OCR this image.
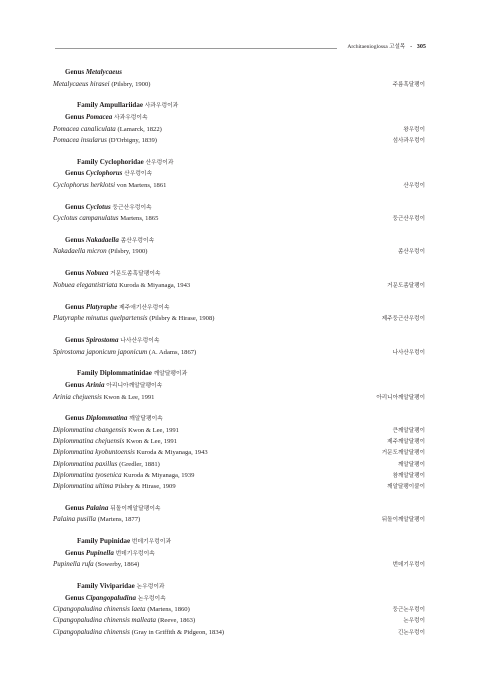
Architaenioglossa 고설목 • 305
Genus Metalycaeus
Metalycaeus hirasei (Pilsbry, 1900)	주름혹달팽이
Family Ampullariidae 사과우렁이과
Genus Pomacea 사과우렁이속
Pomacea canaliculata (Lamarck, 1822)	왕우렁이
Pomacea insularus (D'Orbigny, 1839)	섬사과우렁이
Family Cyclophoridae 산우렁이과
Genus Cyclophorus 산우렁이속
Cyclophorus herklotsi von Martens, 1861	산우렁이
Genus Cyclotus 둥근산우렁이속
Cyclotus campanulatus Martens, 1865	둥근산우렁이
Genus Nakadaella 좀산우렁이속
Nakadaella micron (Pilsbry, 1900)	좀산우렁이
Genus Nobuea 거문도좀혹달팽이속
Nobuea elegantistriata Kuroda & Miyanaga, 1943	거문도좀달팽이
Genus Platyraphe 제주애기산우렁이속
Platyraphe minutus quelpartensis (Pilsbry & Hirase, 1908)	제주둥근산우렁이
Genus Spirostoma 나사산우렁이속
Spirostoma japonicum japonicum (A. Adams, 1867)	나사산우렁이
Family Diplommatinidae 깨알달팽이과
Genus Arinia 아리니아깨알달팽이속
Arinia chejuensis Kwon & Lee, 1991	아리니아깨알달팽이
Genus Diplommatina 깨알달팽이속
Diplommatina changensis Kwon & Lee, 1991	큰깨알달팽이
Diplommatina chejuensis Kwon & Lee, 1991	제주깨알달팽이
Diplommatina kyobuntoensis Kuroda & Miyanaga, 1943	거문도깨알달팽이
Diplommatina paxillus (Gredler, 1881)	깨알달팽이
Diplommatina tyosenica Kuroda & Miyanaga, 1939	참깨알달팽이
Diplommatina ultima Pilsbry & Hirase, 1909	깨알달팽이붙이
Genus Palaina 뒤돌이깨알달팽이속
Palaina pusilla (Martens, 1877)	뒤돌이깨알달팽이
Family Pupinidae 번데기우렁이과
Genus Pupinella 번데기우렁이속
Pupinella rufa (Sowerby, 1864)	번데기우렁이
Family Viviparidae 논우렁이과
Genus Cipangopaludina 논우렁이속
Cipangopaludina chinensis laeta (Martens, 1860)	둥근논우렁이
Cipangopaludina chinensis malleata (Reeve, 1863)	논우렁이
Cipangopaludina chinensis (Gray in Griffith & Pidgeon, 1834)	긴논우렁이
